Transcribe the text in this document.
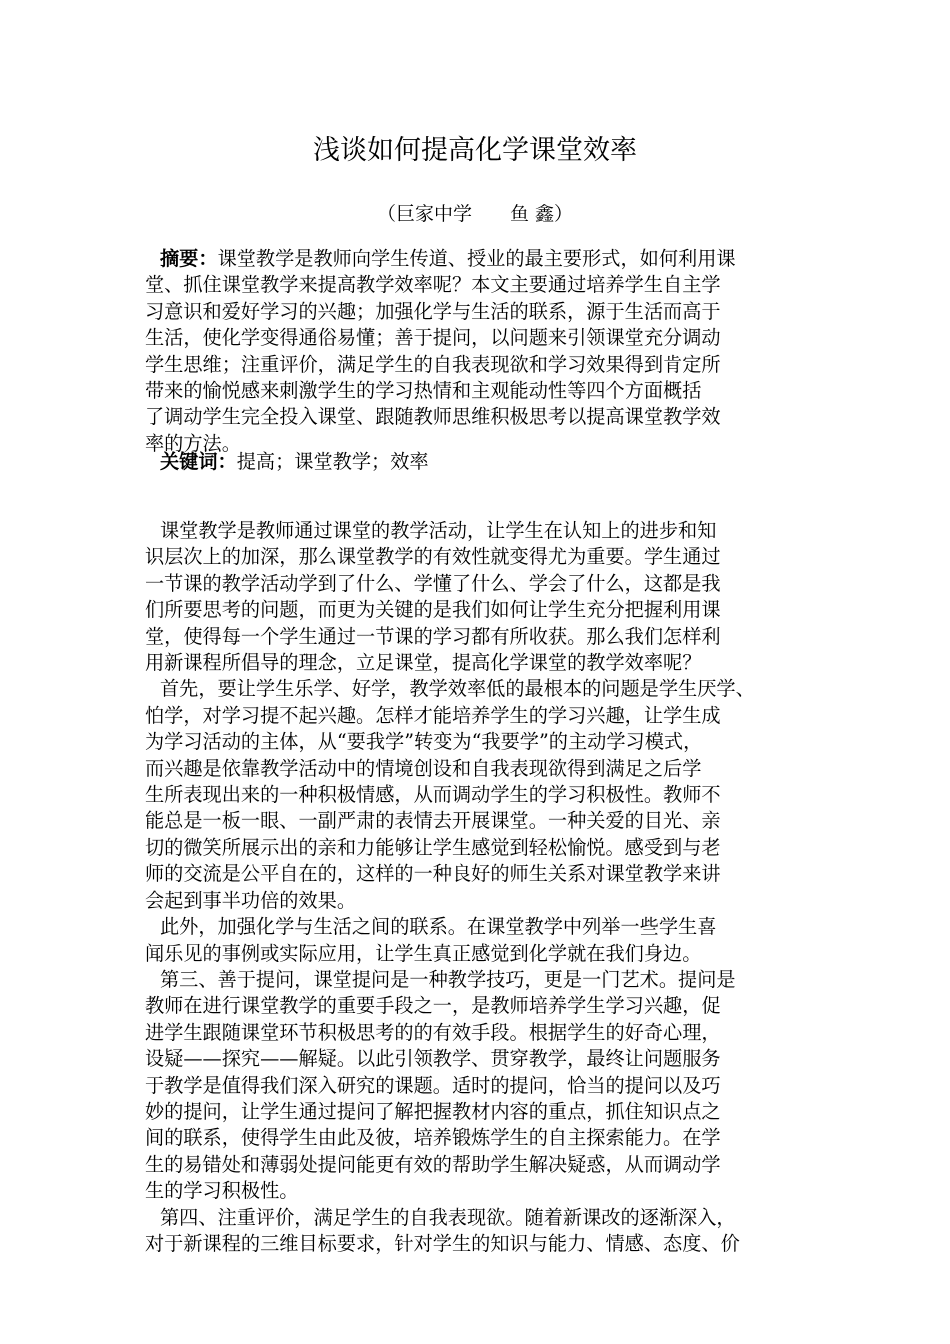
浅谈如何提高化学课堂效率
（巨家中学　　鱼 鑫）
摘要：课堂教学是教师向学生传道、授业的最主要形式，如何利用课
堂、抓住课堂教学来提高教学效率呢？本文主要通过培养学生自主学
习意识和爱好学习的兴趣；加强化学与生活的联系，源于生活而高于
生活，使化学变得通俗易懂；善于提问，以问题来引领课堂充分调动
学生思维；注重评价，满足学生的自我表现欲和学习效果得到肯定所
带来的愉悦感来刺激学生的学习热情和主观能动性等四个方面概括
了调动学生完全投入课堂、跟随教师思维积极思考以提高课堂教学效
率的方法。
关键词：提高；课堂教学；效率
课堂教学是教师通过课堂的教学活动，让学生在认知上的进步和知
识层次上的加深，那么课堂教学的有效性就变得尤为重要。学生通过
一节课的教学活动学到了什么、学懂了什么、学会了什么，这都是我
们所要思考的问题，而更为关键的是我们如何让学生充分把握利用课
堂，使得每一个学生通过一节课的学习都有所收获。那么我们怎样利
用新课程所倡导的理念，立足课堂，提高化学课堂的教学效率呢？
首先，要让学生乐学、好学，教学效率低的最根本的问题是学生厌学、
怕学，对学习提不起兴趣。怎样才能培养学生的学习兴趣，让学生成
为学习活动的主体，从“要我学”转变为“我要学”的主动学习模式，
而兴趣是依靠教学活动中的情境创设和自我表现欲得到满足之后学
生所表现出来的一种积极情感，从而调动学生的学习积极性。教师不
能总是一板一眼、一副严肃的表情去开展课堂。一种关爱的目光、亲
切的微笑所展示出的亲和力能够让学生感觉到轻松愉悦。感受到与老
师的交流是公平自在的，这样的一种良好的师生关系对课堂教学来讲
会起到事半功倍的效果。
此外，加强化学与生活之间的联系。在课堂教学中列举一些学生喜
闻乐见的事例或实际应用，让学生真正感觉到化学就在我们身边。
第三、善于提问，课堂提问是一种教学技巧，更是一门艺术。提问是
教师在进行课堂教学的重要手段之一，是教师培养学生学习兴趣，促
进学生跟随课堂环节积极思考的的有效手段。根据学生的好奇心理，
设疑——探究——解疑。以此引领教学、贯穿教学，最终让问题服务
于教学是值得我们深入研究的课题。适时的提问，恰当的提问以及巧
妙的提问，让学生通过提问了解把握教材内容的重点，抓住知识点之
间的联系，使得学生由此及彼，培养锻炼学生的自主探索能力。在学
生的易错处和薄弱处提问能更有效的帮助学生解决疑惑，从而调动学
生的学习积极性。
第四、注重评价，满足学生的自我表现欲。随着新课改的逐渐深入，
对于新课程的三维目标要求，针对学生的知识与能力、情感、态度、价
